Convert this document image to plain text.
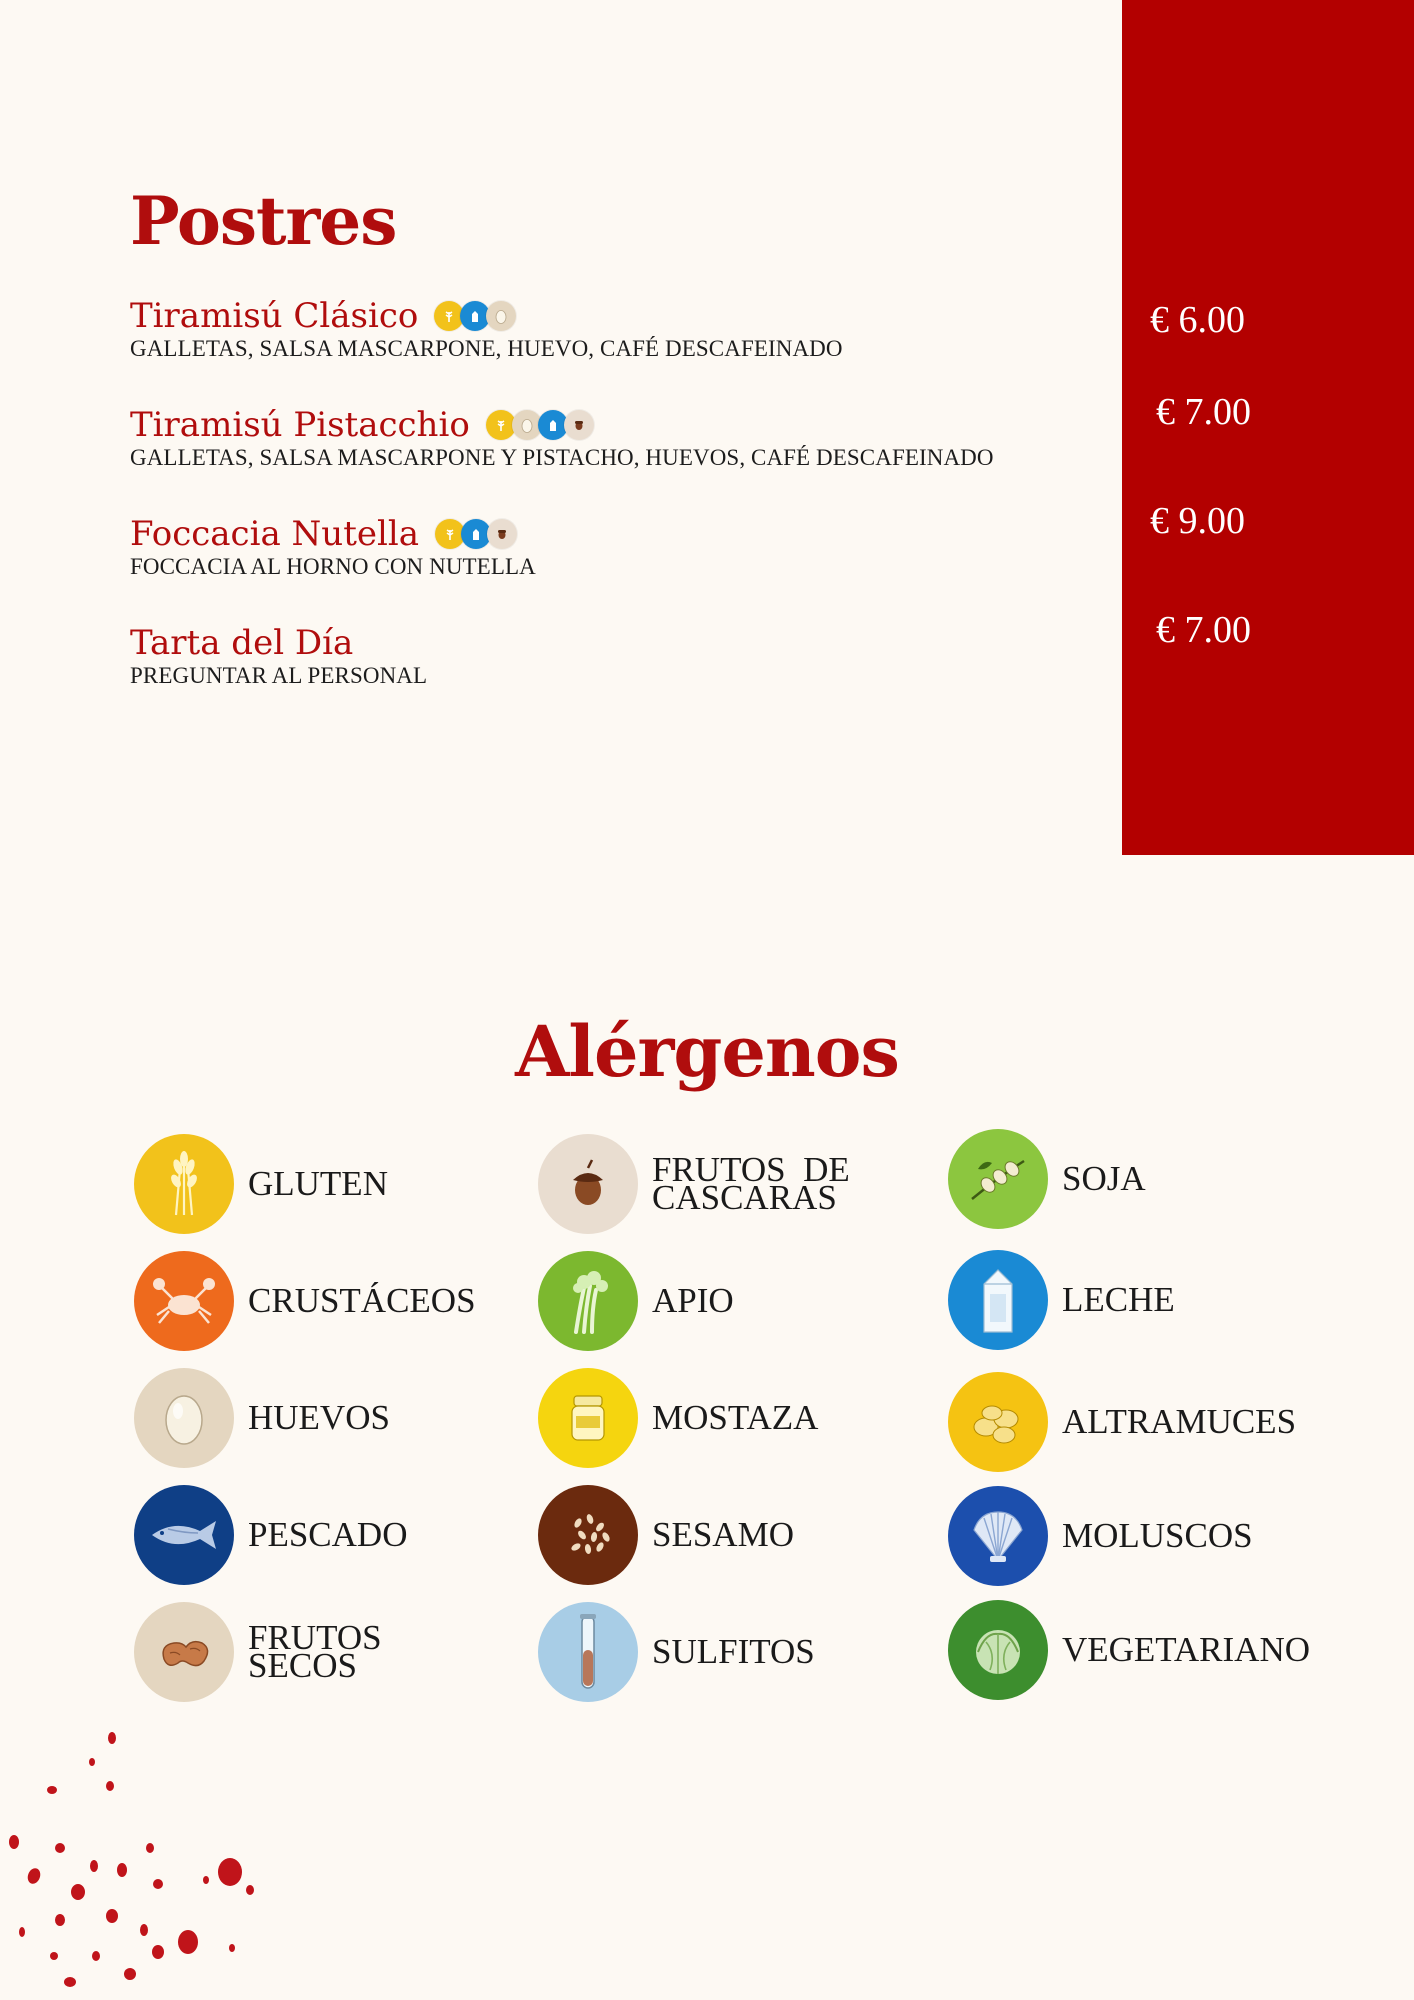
Postres
Tiramisú Clásico
GALLETAS, SALSA MASCARPONE, HUEVO, CAFÉ DESCAFEINADO
Tiramisú Pistacchio
GALLETAS, SALSA MASCARPONE Y PISTACHO, HUEVOS, CAFÉ DESCAFEINADO
Foccacia Nutella
FOCCACIA AL HORNO CON NUTELLA
Tarta del Día
PREGUNTAR AL PERSONAL
€ 6.00
€ 7.00
€ 9.00
€ 7.00
Alérgenos
GLUTEN
CRUSTÁCEOS
HUEVOS
PESCADO
FRUTOS
SECOS
FRUTOS  DE
CASCARAS
APIO
MOSTAZA
SESAMO
SULFITOS
SOJA
LECHE
ALTRAMUCES
MOLUSCOS
VEGETARIANO
